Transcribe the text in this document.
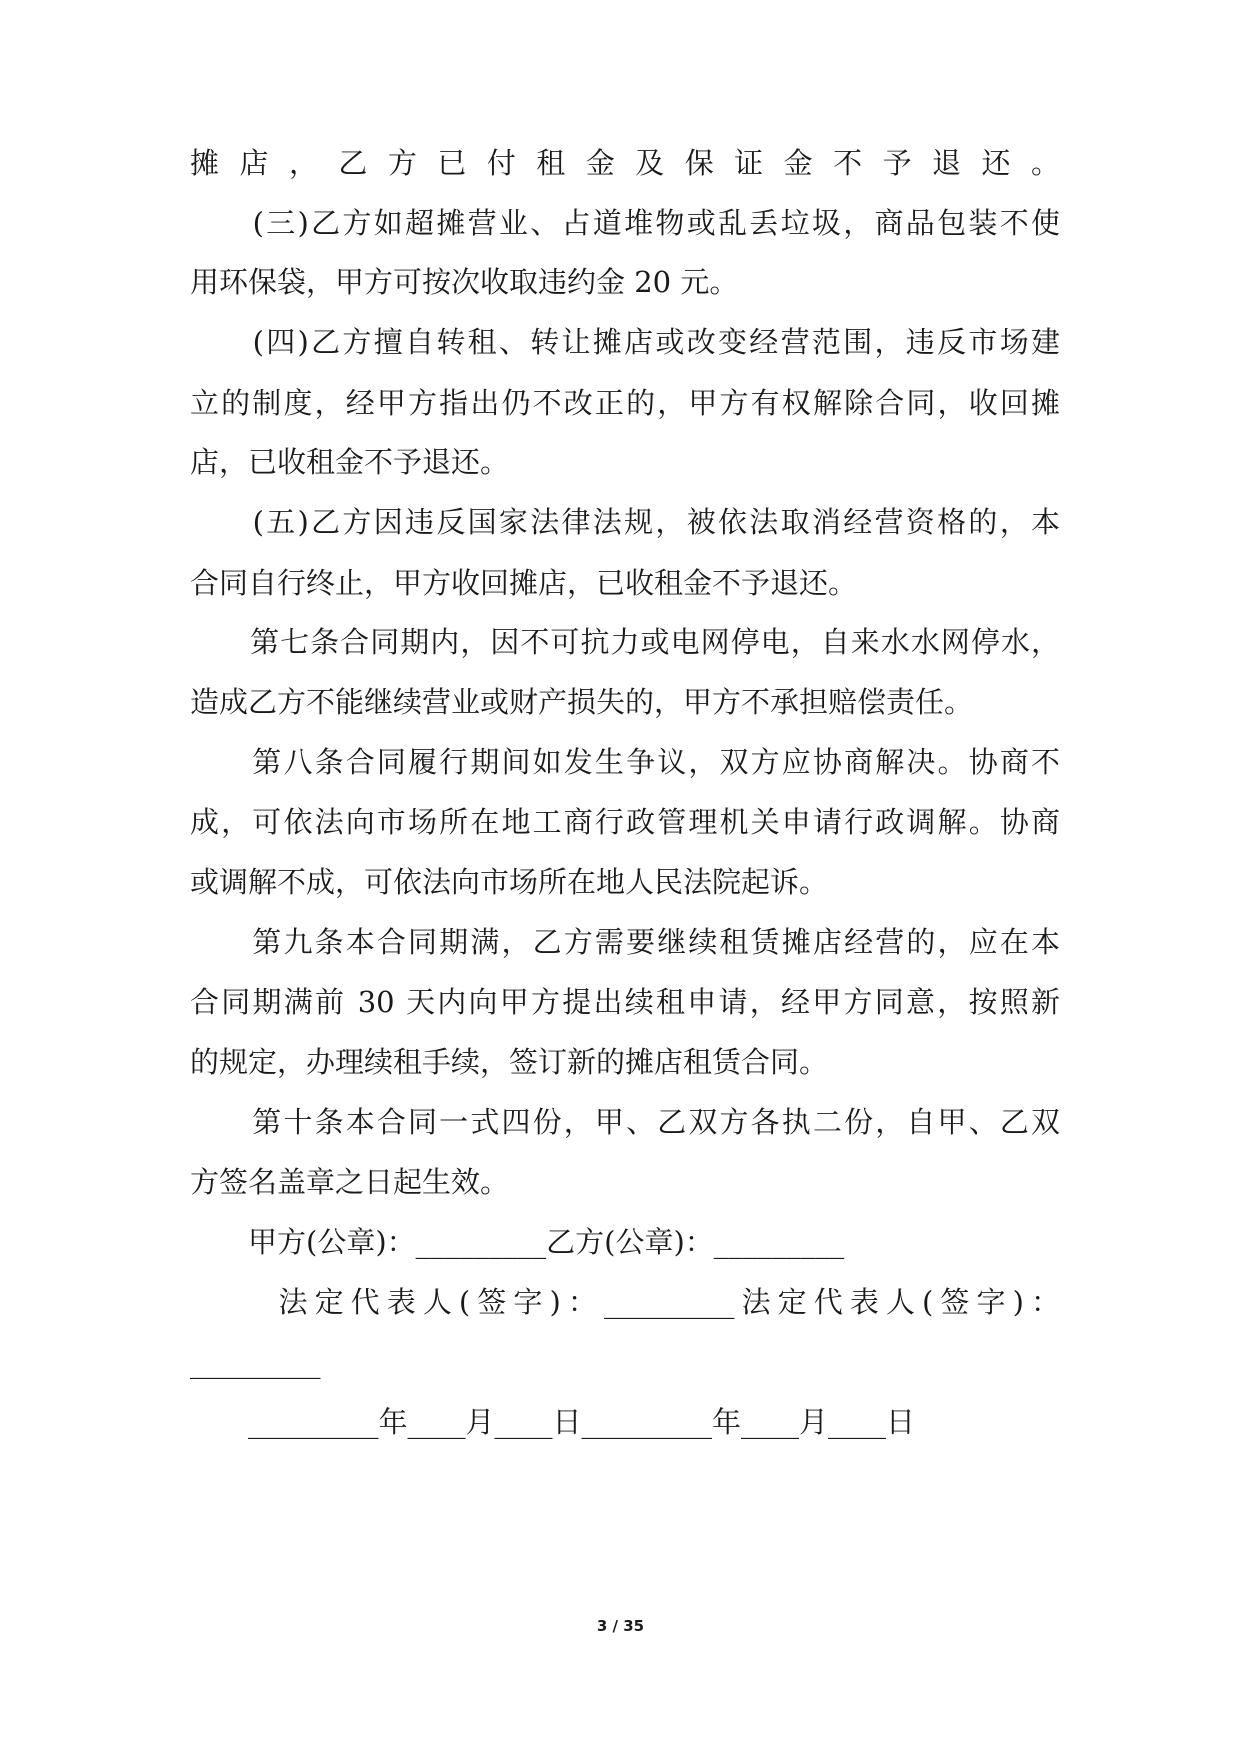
摊店，乙方已付租金及保证金不予退还。
　　(三)乙方如超摊营业、占道堆物或乱丢垃圾，商品包装不使
用环保袋，甲方可按次收取违约金 20 元。
　　(四)乙方擅自转租、转让摊店或改变经营范围，违反市场建
立的制度，经甲方指出仍不改正的，甲方有权解除合同，收回摊
店，已收租金不予退还。
　　(五)乙方因违反国家法律法规，被依法取消经营资格的，本
合同自行终止，甲方收回摊店，已收租金不予退还。
　　第七条合同期内，因不可抗力或电网停电，自来水水网停水，
造成乙方不能继续营业或财产损失的，甲方不承担赔偿责任。
　　第八条合同履行期间如发生争议，双方应协商解决。协商不
成，可依法向市场所在地工商行政管理机关申请行政调解。协商
或调解不成，可依法向市场所在地人民法院起诉。
　　第九条本合同期满，乙方需要继续租赁摊店经营的，应在本
合同期满前 30 天内向甲方提出续租申请，经甲方同意，按照新
的规定，办理续租手续，签订新的摊店租赁合同。
　　第十条本合同一式四份，甲、乙双方各执二份，自甲、乙双
方签名盖章之日起生效。
　　甲方(公章)：_________乙方(公章)：_________
　　 法定代表人(签字)：_________法定代表人(签字)：
_________
　　_________年____月____日_________年____月____日
3 / 35
